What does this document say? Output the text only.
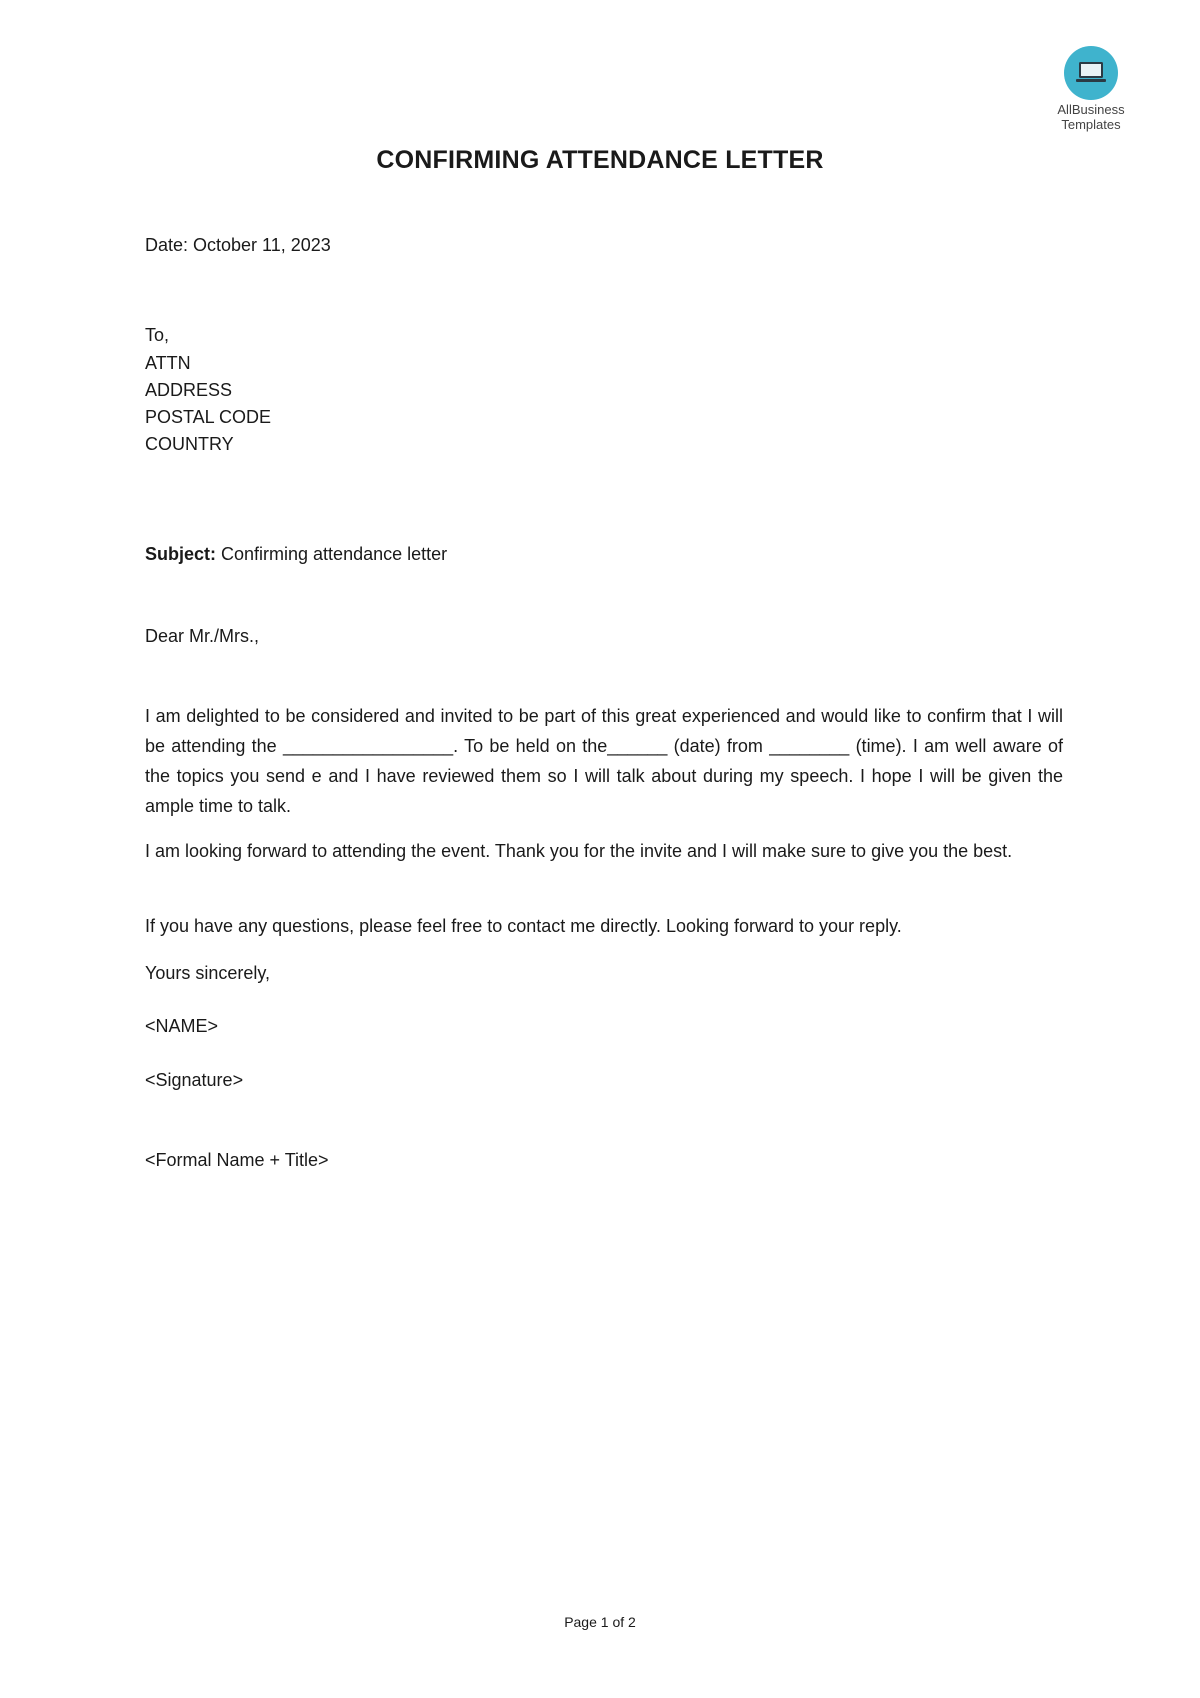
AllBusiness
Templates
CONFIRMING ATTENDANCE LETTER
Date: October 11, 2023
To,
ATTN
ADDRESS
POSTAL CODE
COUNTRY
Subject: Confirming attendance letter
Dear Mr./Mrs.,
I am delighted to be considered and invited to be part of this great experienced and would like to confirm that I will be attending the _________________. To be held on the______ (date) from ________ (time). I am well aware of the topics you send e and I have reviewed them so I will talk about during my speech. I hope I will be given the ample time to talk.
I am looking forward to attending the event. Thank you for the invite and I will make sure to give you the best.
If you have any questions, please feel free to contact me directly. Looking forward to your reply.
Yours sincerely,
<NAME>
<Signature>
<Formal Name + Title>
Page 1 of 2
